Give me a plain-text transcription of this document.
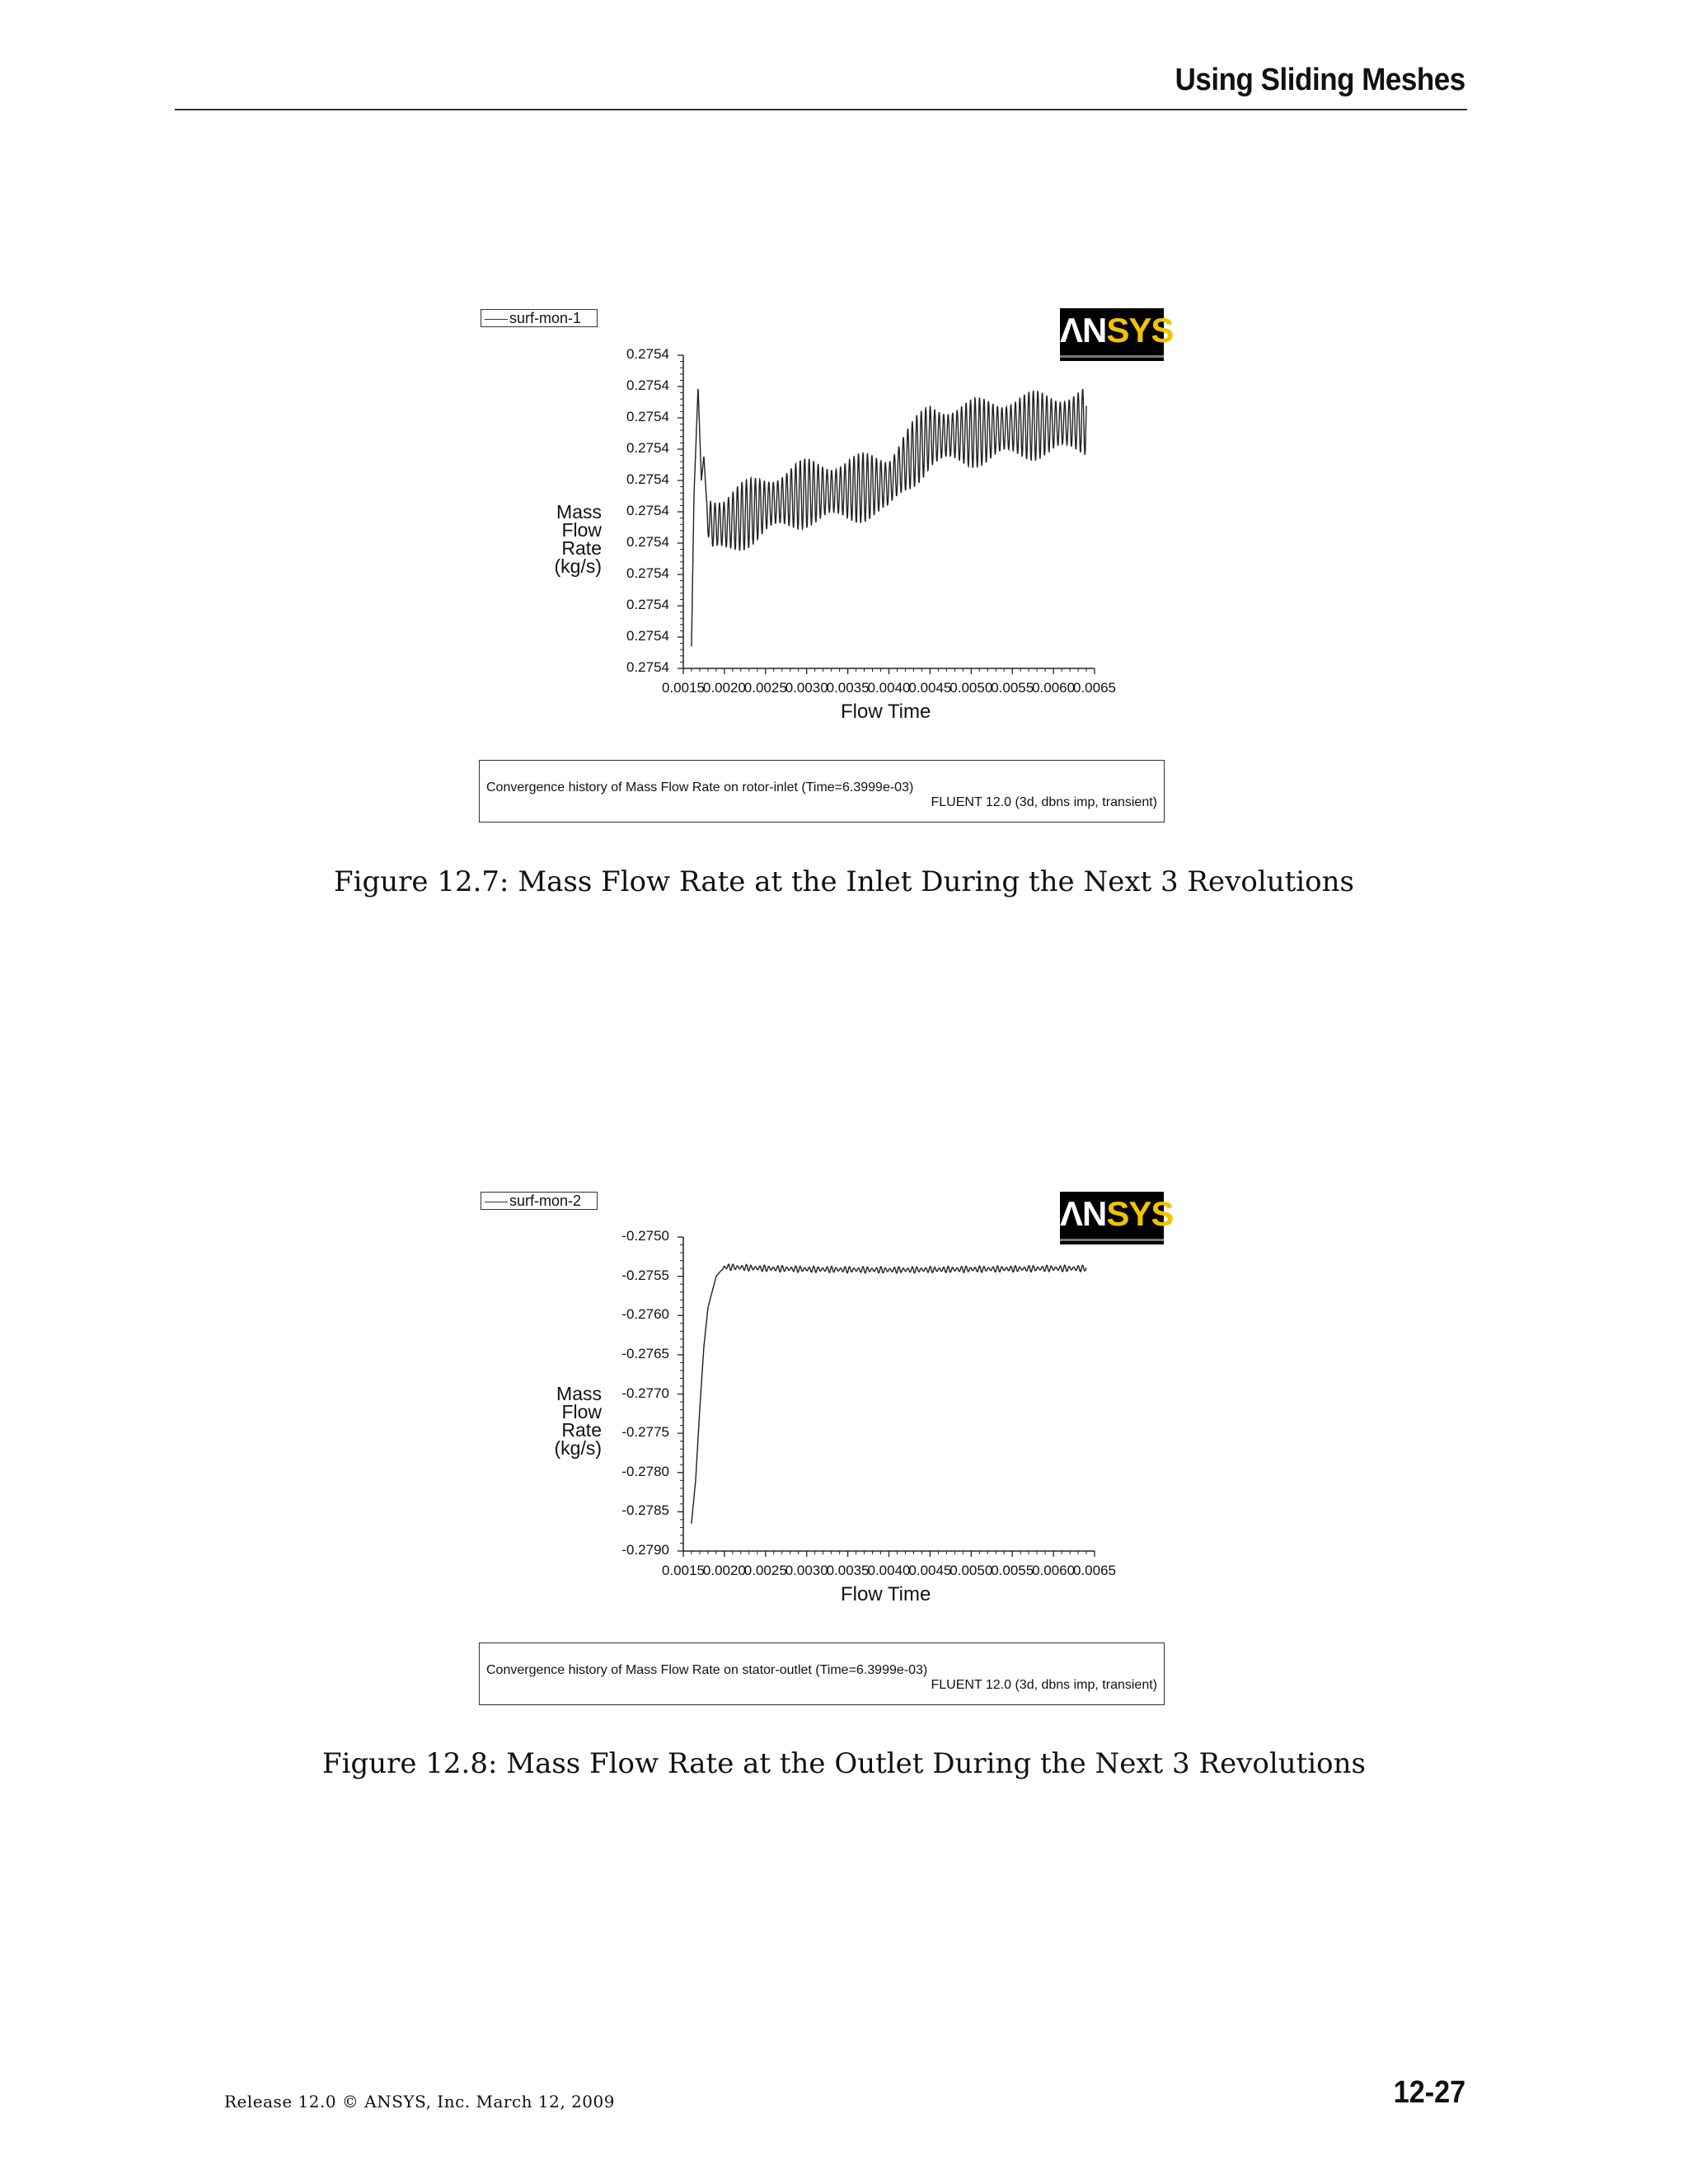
Using Sliding Meshes
surf-mon-1	ΛNSYS
Mass
Flow
Rate
(kg/s)
0.2754
0.2754
0.2754
0.2754
0.2754
0.2754
0.2754
0.2754
0.2754
0.2754
0.2754
0.0015
0.0020
0.0025
0.0030
0.0035
0.0040
0.0045
0.0050
0.0055
0.0060
0.0065
Flow Time
Convergence history of Mass Flow Rate on rotor-inlet (Time=6.3999e-03)
FLUENT 12.0 (3d, dbns imp, transient)
Figure 12.7: Mass Flow Rate at the Inlet During the Next 3 Revolutions
surf-mon-2	ΛNSYS
Mass
Flow
Rate
(kg/s)
-0.2750
-0.2755
-0.2760
-0.2765
-0.2770
-0.2775
-0.2780
-0.2785
-0.2790
0.0015
0.0020
0.0025
0.0030
0.0035
0.0040
0.0045
0.0050
0.0055
0.0060
0.0065
Flow Time
Convergence history of Mass Flow Rate on stator-outlet (Time=6.3999e-03)
FLUENT 12.0 (3d, dbns imp, transient)
Figure 12.8: Mass Flow Rate at the Outlet During the Next 3 Revolutions
Release 12.0 © ANSYS, Inc. March 12, 2009	12-27
